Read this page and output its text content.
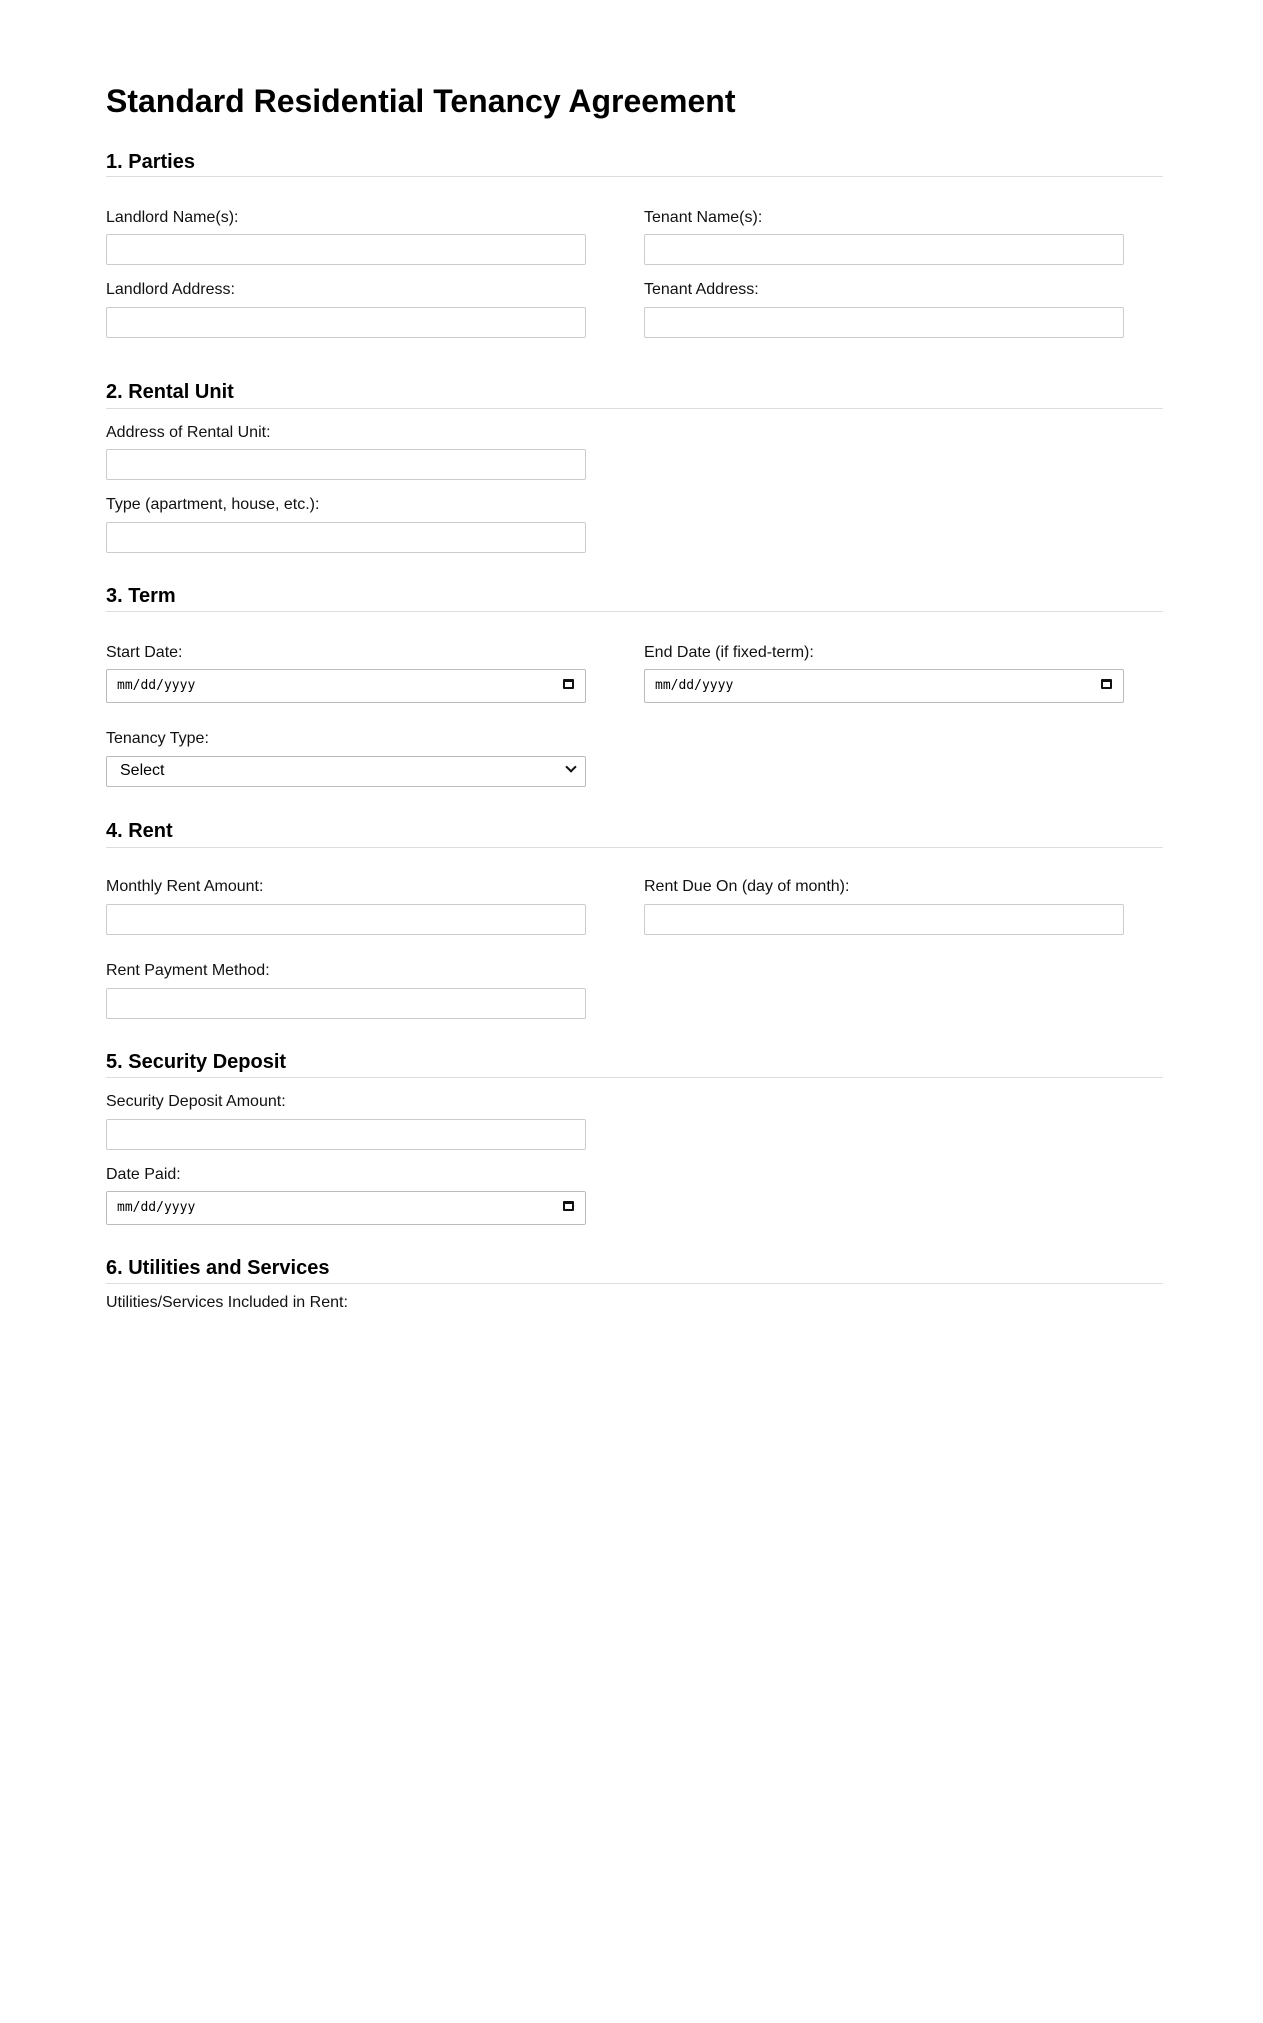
Standard Residential Tenancy Agreement
1. Parties
Landlord Name(s):	Tenant Name(s):
Landlord Address:	Tenant Address:
2. Rental Unit
Address of Rental Unit:
Type (apartment, house, etc.):
3. Term
Start Date:
mm/dd/yyyy
End Date (if fixed-term):
mm/dd/yyyy
Tenancy Type:
Select
4. Rent
Monthly Rent Amount:	Rent Due On (day of month):
Rent Payment Method:
5. Security Deposit
Security Deposit Amount:
Date Paid:
mm/dd/yyyy
6. Utilities and Services
Utilities/Services Included in Rent:
